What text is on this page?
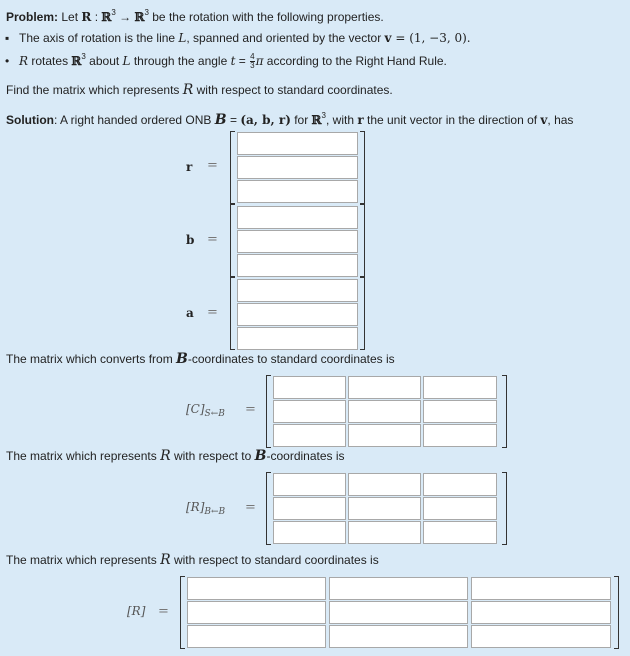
Problem: Let R : ℝ$^3$ → ℝ$^3$ be the rotation with the following properties.
▪ The axis of rotation is the line L, spanned and oriented by the vector v = (1, −3, 0).
• R rotates ℝ$^3$ about L through the angle $t = \frac{4}{3}$ π according to the Right Hand Rule.
Find the matrix which represents R with respect to standard coordinates.
Solution: A right handed ordered ONB B = (a, b, r) for ℝ$^3$, with r the unit vector in the direction of v, has
r =
b =
a =
The matrix which converts from B-coordinates to standard coordinates is
$[C]_{S\leftarrow B}$ =
The matrix which represents R with respect to B-coordinates is
$[R]_{B\leftarrow B}$ =
The matrix which represents R with respect to standard coordinates is
[R] =
